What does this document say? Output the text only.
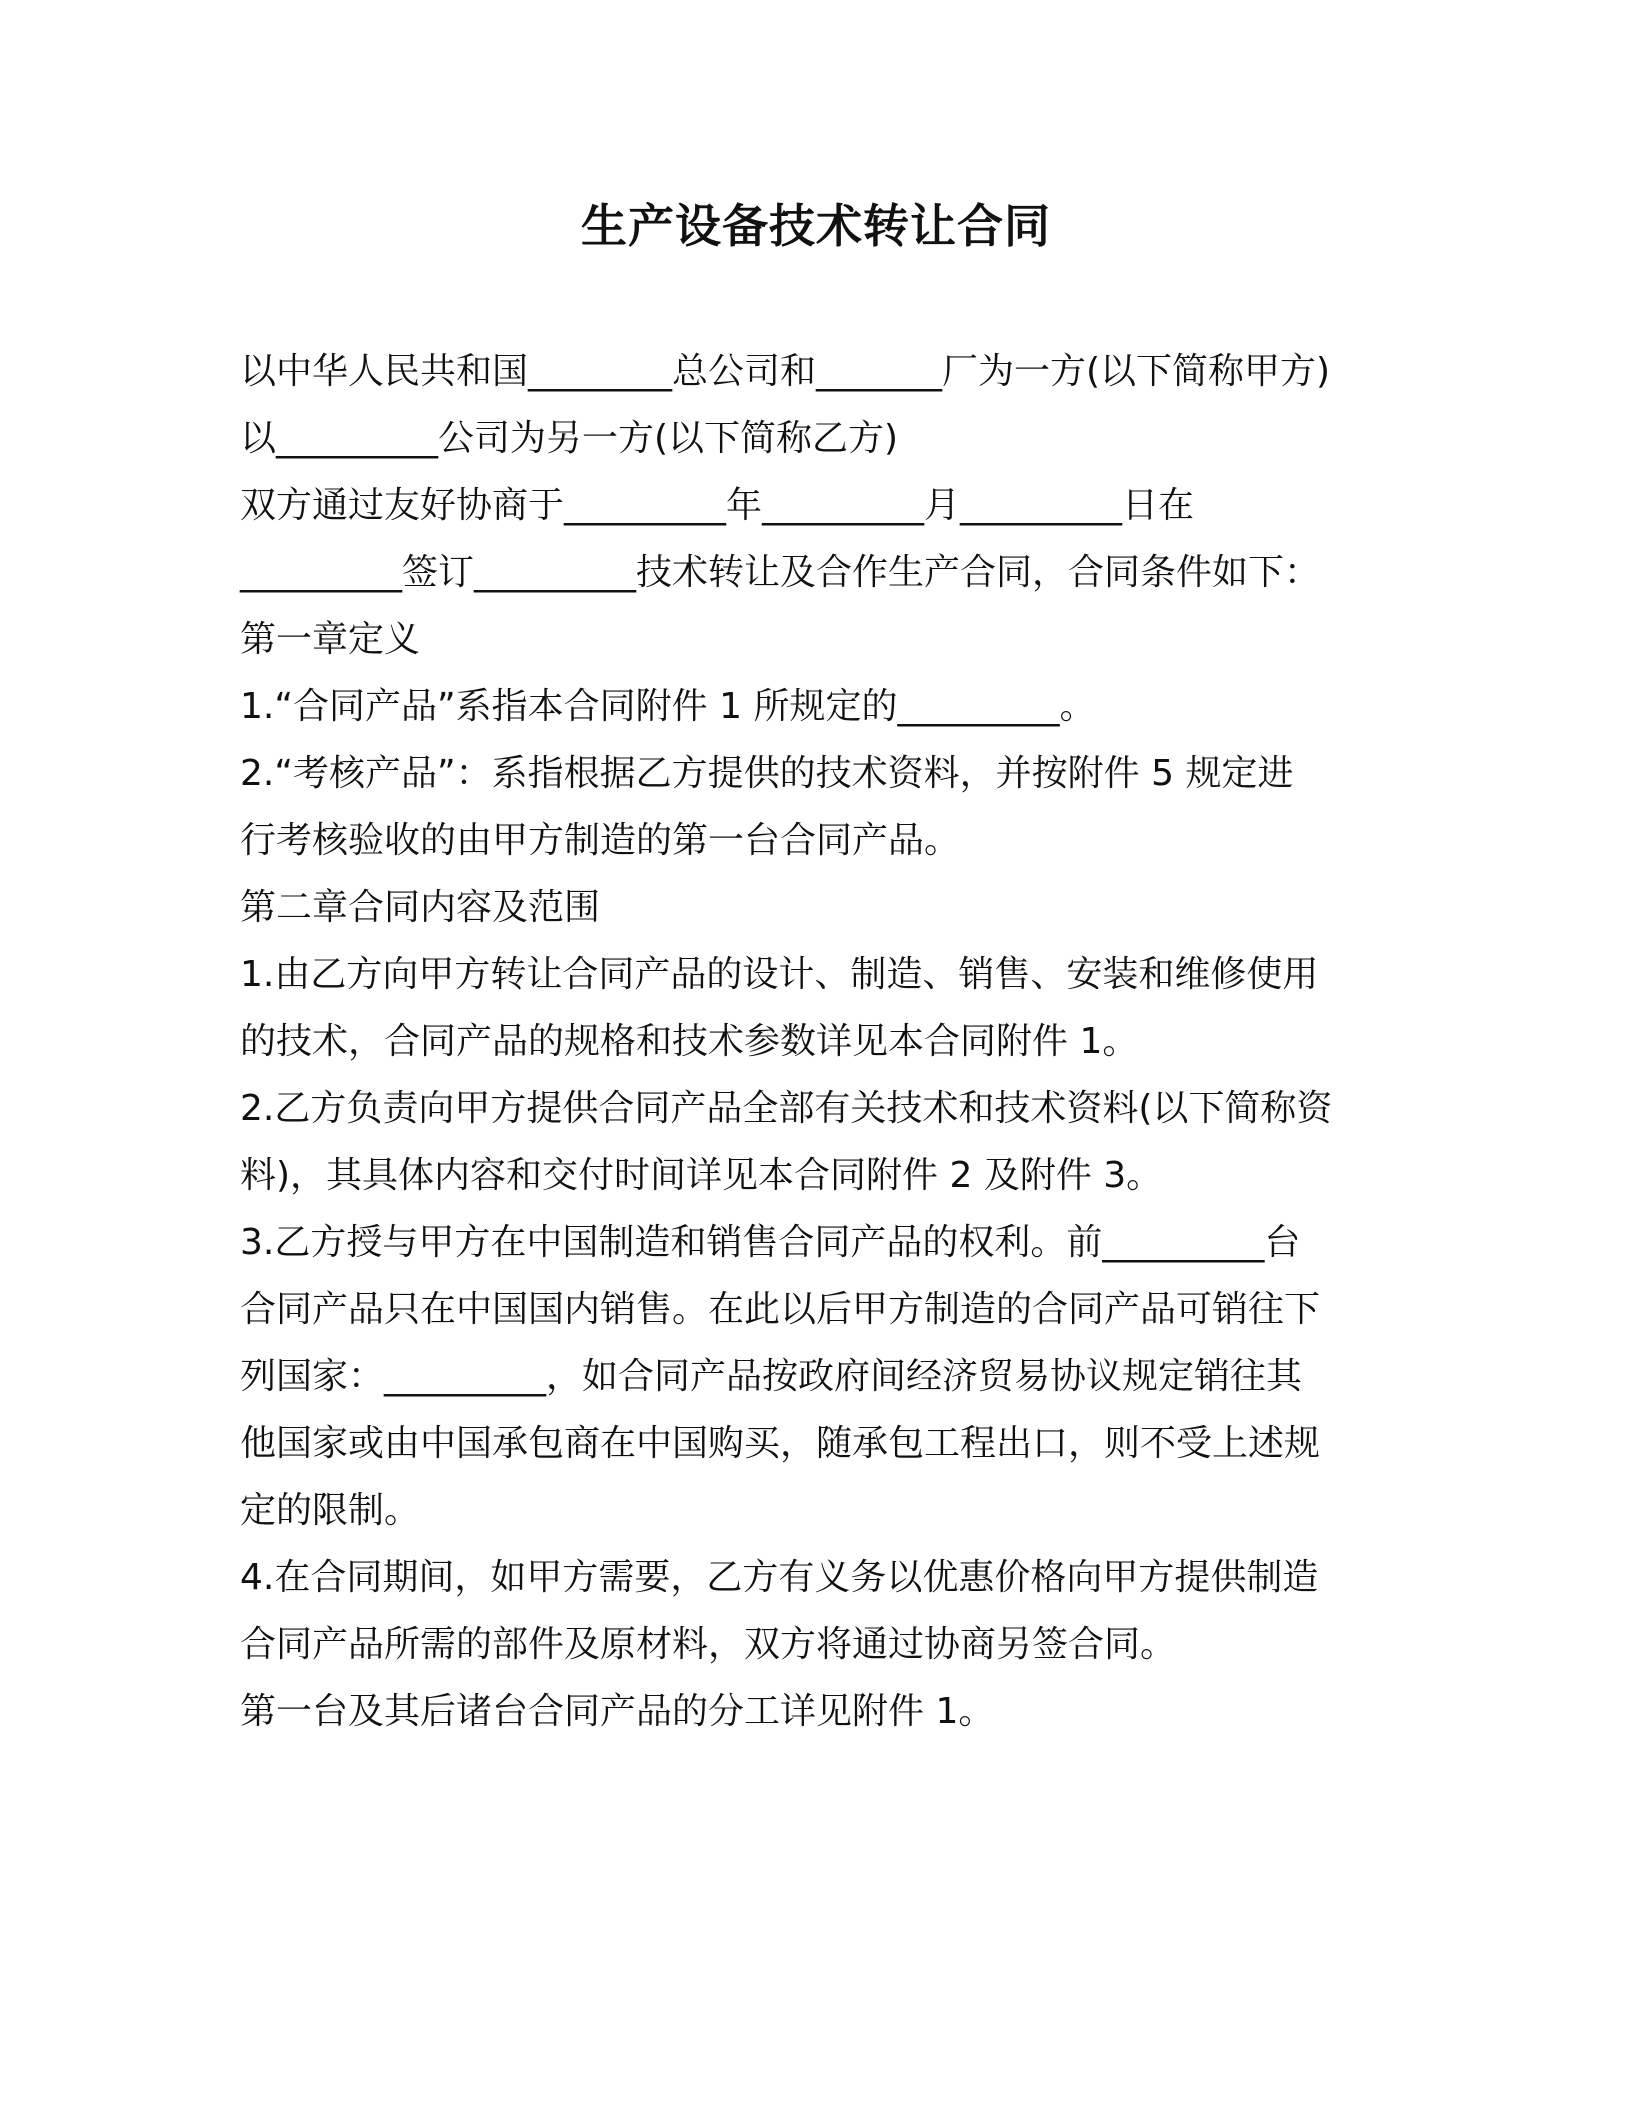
生产设备技术转让合同

以中华人民共和国________总公司和_______厂为一方(以下简称甲方)

以_________公司为另一方(以下简称乙方)

双方通过友好协商于_________年_________月_________日在

_________签订_________技术转让及合作生产合同，合同条件如下：

第一章定义

1.“合同产品”系指本合同附件 1 所规定的_________。

2.“考核产品”：系指根据乙方提供的技术资料，并按附件 5 规定进

行考核验收的由甲方制造的第一台合同产品。

第二章合同内容及范围

1.由乙方向甲方转让合同产品的设计、制造、销售、安装和维修使用

的技术，合同产品的规格和技术参数详见本合同附件 1。

2.乙方负责向甲方提供合同产品全部有关技术和技术资料(以下简称资

料)，其具体内容和交付时间详见本合同附件 2 及附件 3。

3.乙方授与甲方在中国制造和销售合同产品的权利。前_________台

合同产品只在中国国内销售。在此以后甲方制造的合同产品可销往下

列国家：_________，如合同产品按政府间经济贸易协议规定销往其

他国家或由中国承包商在中国购买，随承包工程出口，则不受上述规

定的限制。

4.在合同期间，如甲方需要，乙方有义务以优惠价格向甲方提供制造

合同产品所需的部件及原材料，双方将通过协商另签合同。

第一台及其后诸台合同产品的分工详见附件 1。
